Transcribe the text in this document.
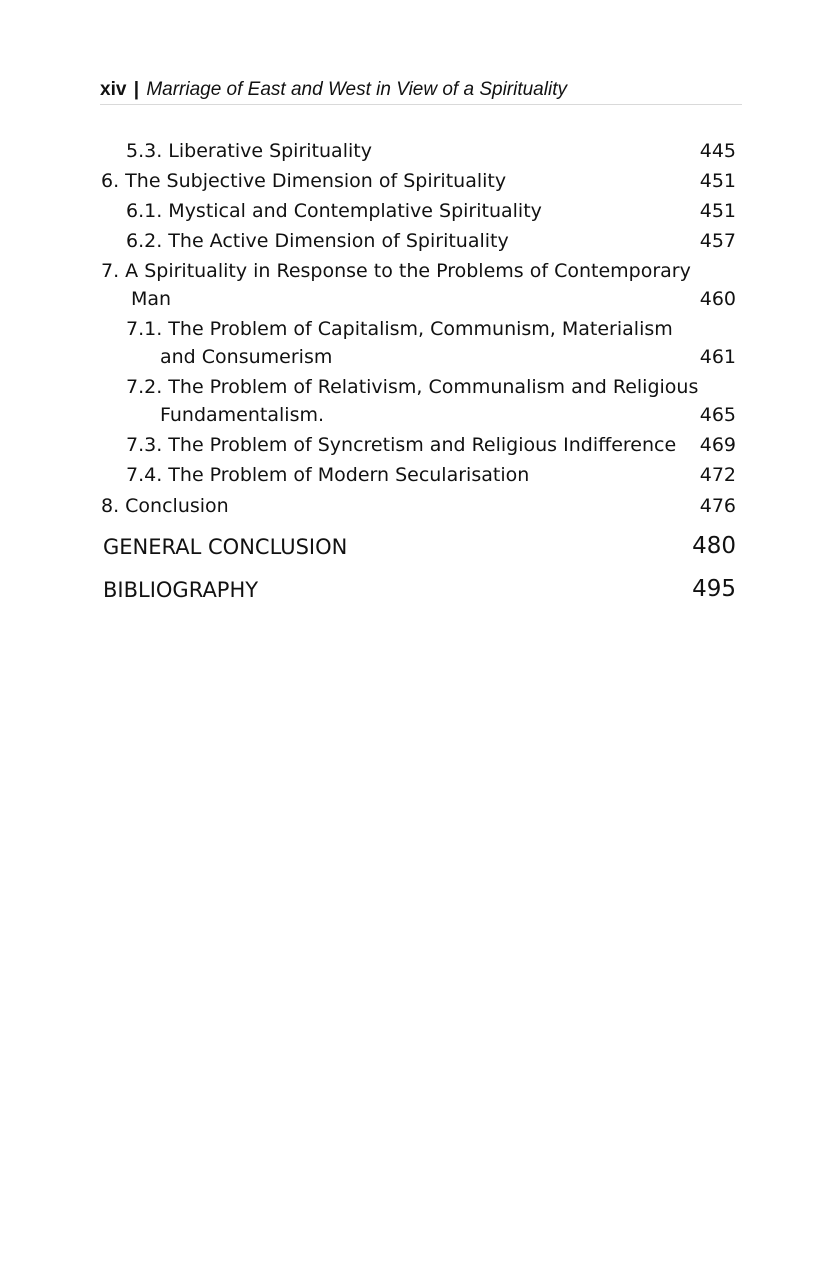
xiv | Marriage of East and West in View of a Spirituality
5.3. Liberative Spirituality	445
6. The Subjective Dimension of Spirituality	451
6.1. Mystical and Contemplative Spirituality	451
6.2. The Active Dimension of Spirituality	457
7. A Spirituality in Response to the Problems of Contemporary
Man	460
7.1. The Problem of Capitalism, Communism, Materialism
and Consumerism	461
7.2. The Problem of Relativism, Communalism and Religious
Fundamentalism.	465
7.3. The Problem of Syncretism and Religious Indifference 469
7.4. The Problem of Modern Secularisation	472
8. Conclusion	476
GENERAL CONCLUSION	480
BIBLIOGRAPHY	495
